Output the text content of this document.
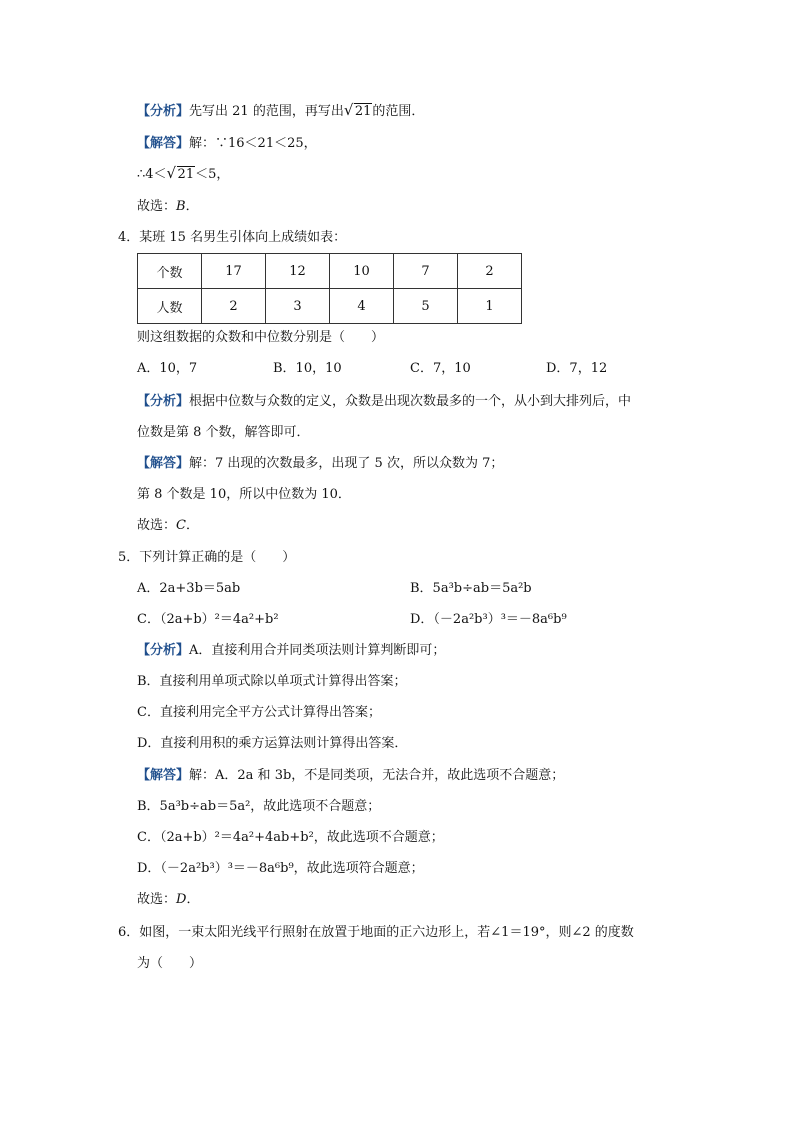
【分析】先写出 21 的范围，再写出 √ 21的范围．
【解答】解：∵16＜21＜25，
∴4＜ √ 21＜5，
故选：B．
4．某班 15 名男生引体向上成绩如表：
个数	17	12	10	7	2
人数	2	3	4	5	1
则这组数据的众数和中位数分别是（　　）
A．10，7	B．10，10	C．7，10	D．7，12
【分析】根据中位数与众数的定义，众数是出现次数最多的一个，从小到大排列后，中
位数是第 8 个数，解答即可．
【解答】解：7 出现的次数最多，出现了 5 次，所以众数为 7；
第 8 个数是 10，所以中位数为 10．
故选：C．
5．下列计算正确的是（　　）
A．2a+3b＝5ab	B．5a³b÷ab＝5a²b
C．（2a+b）²＝4a²+b²	D．（－2a²b³）³＝－8a⁶b⁹
【分析】A．直接利用合并同类项法则计算判断即可；
B．直接利用单项式除以单项式计算得出答案；
C．直接利用完全平方公式计算得出答案；
D．直接利用积的乘方运算法则计算得出答案．
【解答】解：A．2a 和 3b，不是同类项，无法合并，故此选项不合题意；
B．5a³b÷ab＝5a²，故此选项不合题意；
C．（2a+b）²＝4a²+4ab+b²，故此选项不合题意；
D．（－2a²b³）³＝－8a⁶b⁹，故此选项符合题意；
故选：D．
6．如图，一束太阳光线平行照射在放置于地面的正六边形上，若∠1＝19°，则∠2 的度数
为（　　）
